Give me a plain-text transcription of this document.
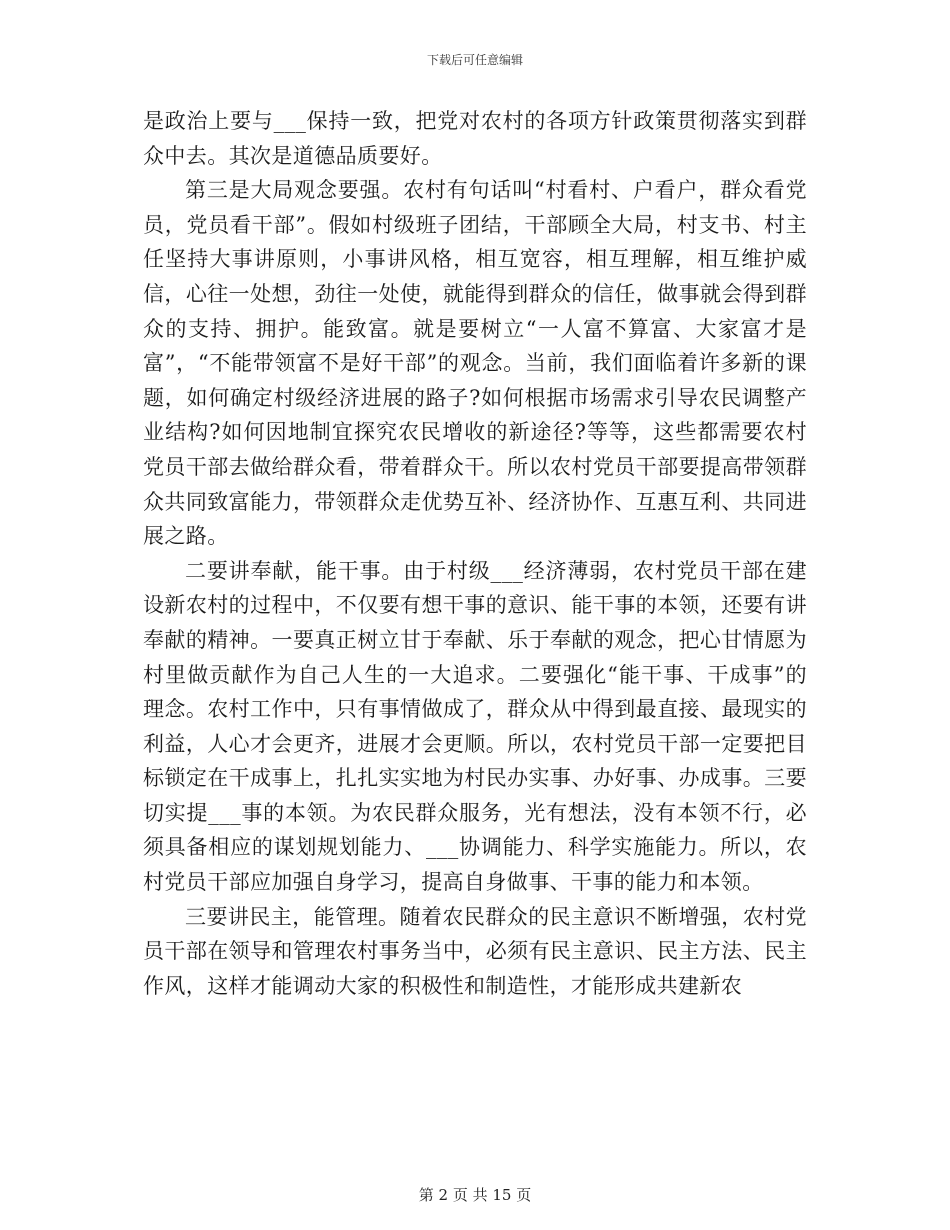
下载后可任意编辑

是政治上要与___保持一致，把党对农村的各项方针政策贯彻落实到群众中去。其次是道德品质要好。

第三是大局观念要强。农村有句话叫“村看村、户看户，群众看党员，党员看干部”。假如村级班子团结，干部顾全大局，村支书、村主任坚持大事讲原则，小事讲风格，相互宽容，相互理解，相互维护威信，心往一处想，劲往一处使，就能得到群众的信任，做事就会得到群众的支持、拥护。能致富。就是要树立“一人富不算富、大家富才是富”，“不能带领富不是好干部”的观念。当前，我们面临着许多新的课题，如何确定村级经济进展的路子?如何根据市场需求引导农民调整产业结构?如何因地制宜探究农民增收的新途径?等等，这些都需要农村党员干部去做给群众看，带着群众干。所以农村党员干部要提高带领群众共同致富能力，带领群众走优势互补、经济协作、互惠互利、共同进展之路。

二要讲奉献，能干事。由于村级___经济薄弱，农村党员干部在建设新农村的过程中，不仅要有想干事的意识、能干事的本领，还要有讲奉献的精神。一要真正树立甘于奉献、乐于奉献的观念，把心甘情愿为村里做贡献作为自己人生的一大追求。二要强化“能干事、干成事”的理念。农村工作中，只有事情做成了，群众从中得到最直接、最现实的利益，人心才会更齐，进展才会更顺。所以，农村党员干部一定要把目标锁定在干成事上，扎扎实实地为村民办实事、办好事、办成事。三要切实提___事的本领。为农民群众服务，光有想法，没有本领不行，必须具备相应的谋划规划能力、___协调能力、科学实施能力。所以，农村党员干部应加强自身学习，提高自身做事、干事的能力和本领。

三要讲民主，能管理。随着农民群众的民主意识不断增强，农村党员干部在领导和管理农村事务当中，必须有民主意识、民主方法、民主作风，这样才能调动大家的积极性和制造性，才能形成共建新农

第 2 页 共 15 页
